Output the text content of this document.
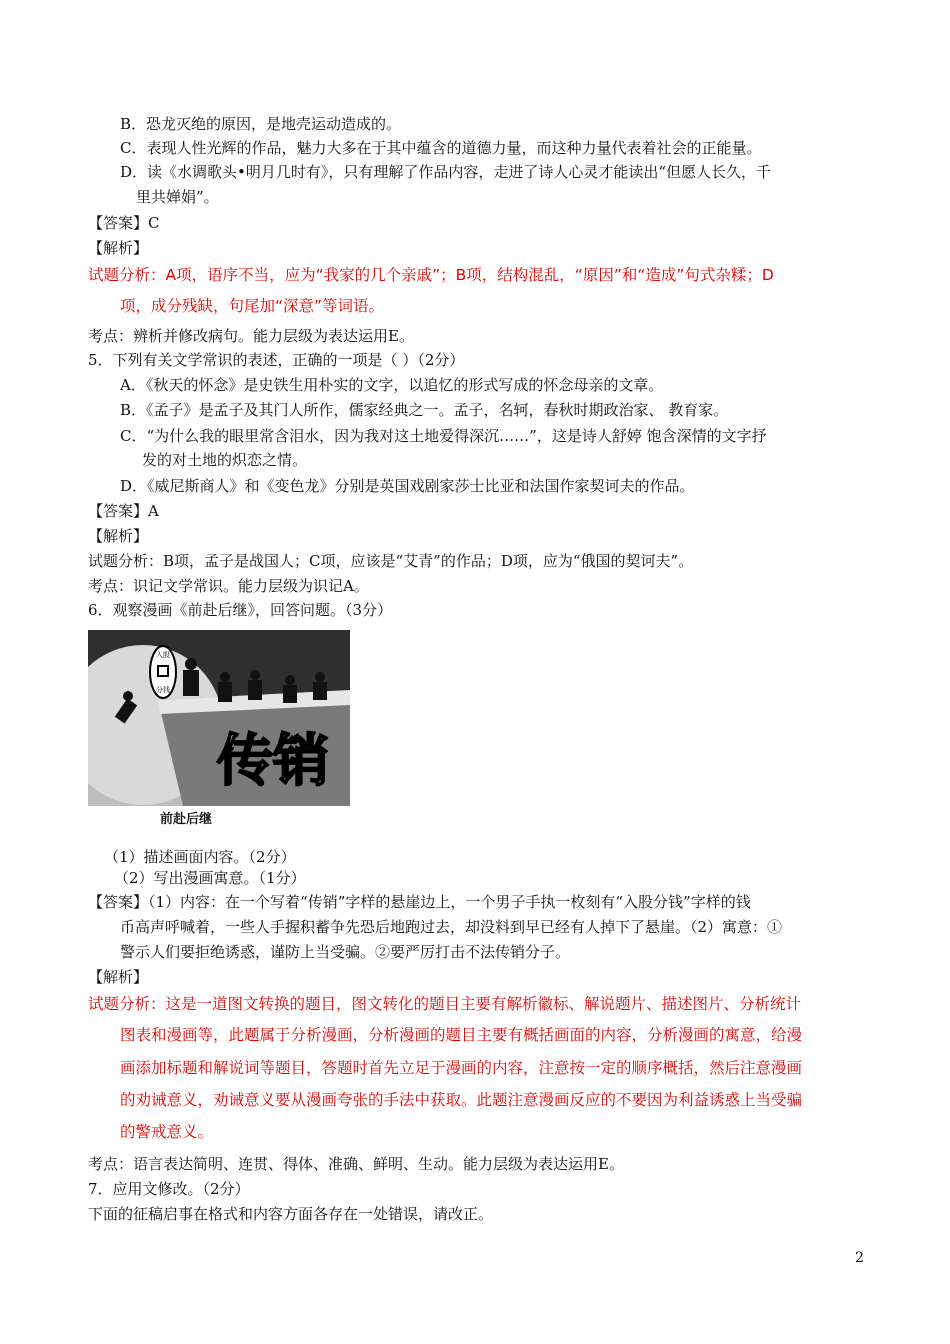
B．恐龙灭绝的原因，是地壳运动造成的。
C．表现人性光辉的作品，魅力大多在于其中蕴含的道德力量，而这种力量代表着社会的正能量。
D．读《水调歌头•明月几时有》，只有理解了作品内容，走进了诗人心灵才能读出“但愿人长久，千
里共婵娟”。
【答案】C
【解析】
试题分析：A项，语序不当，应为“我家的几个亲戚”；B项，结构混乱，“原因”和“造成”句式杂糅；D
项，成分残缺，句尾加“深意”等词语。
考点：辨析并修改病句。能力层级为表达运用E。
5．下列有关文学常识的表述，正确的一项是（ ）（2分）
A．《秋天的怀念》是史铁生用朴实的文字，以追忆的形式写成的怀念母亲的文章。
B．《孟子》是孟子及其门人所作，儒家经典之一。孟子，名轲，春秋时期政治家、 教育家。
C．“为什么我的眼里常含泪水，因为我对这土地爱得深沉……”，这是诗人舒婷 饱含深情的文字抒
发的对土地的炽恋之情。
D．《威尼斯商人》和《变色龙》分别是英国戏剧家莎士比亚和法国作家契诃夫的作品。
【答案】A
【解析】
试题分析：B项，孟子是战国人；C项，应该是“艾青”的作品；D项，应为“俄国的契诃夫”。
考点：识记文学常识。能力层级为识记A。
6．观察漫画《前赴后继》，回答问题。（3分）
入股
分钱
传销
前赴后继
（1）描述画面内容。（2分）
（2）写出漫画寓意。（1分）
【答案】（1）内容：在一个写着“传销”字样的悬崖边上，一个男子手执一枚刻有“入股分钱”字样的钱
币高声呼喊着，一些人手握积蓄争先恐后地跑过去，却没料到早已经有人掉下了悬崖。（2）寓意：①
警示人们要拒绝诱惑，谨防上当受骗。②要严厉打击不法传销分子。
【解析】
试题分析：这是一道图文转换的题目，图文转化的题目主要有解析徽标、解说题片、描述图片、分析统计
图表和漫画等，此题属于分析漫画，分析漫画的题目主要有概括画面的内容，分析漫画的寓意，给漫
画添加标题和解说词等题目，答题时首先立足于漫画的内容，注意按一定的顺序概括，然后注意漫画
的劝诫意义，劝诫意义要从漫画夸张的手法中获取。此题注意漫画反应的不要因为利益诱惑上当受骗
的警戒意义。
考点：语言表达简明、连贯、得体、准确、鲜明、生动。能力层级为表达运用E。
7．应用文修改。（2分）
下面的征稿启事在格式和内容方面各存在一处错误，请改正。
2
